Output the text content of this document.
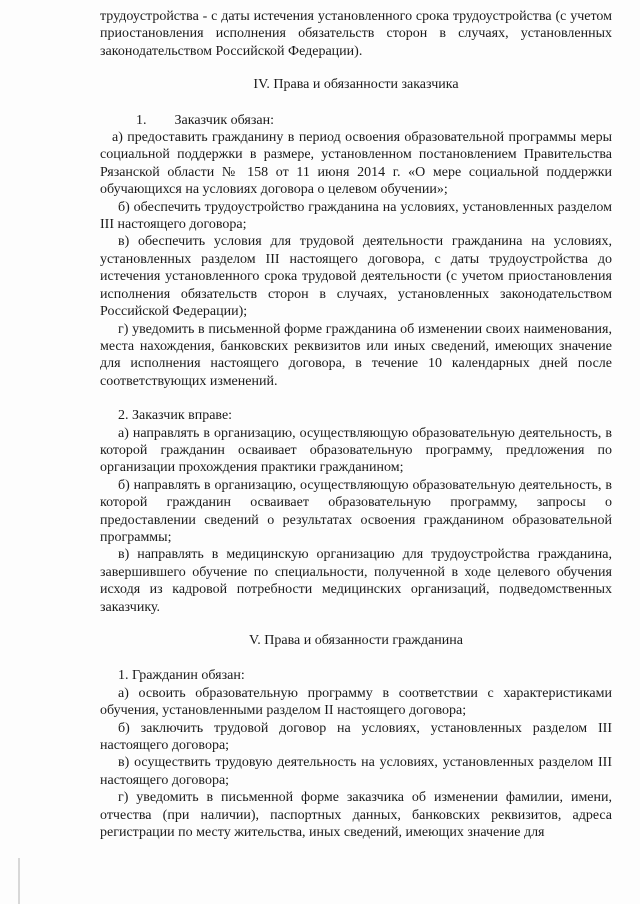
трудоустройства - с даты истечения установленного срока трудоустройства (с учетом приостановления исполнения обязательств сторон в случаях, установленных законодательством Российской Федерации).

IV. Права и обязанности заказчика

1.        Заказчик обязан:

а) предоставить гражданину в период освоения образовательной программы меры социальной поддержки в размере, установленном постановлением Правительства Рязанской области № 158 от 11 июня 2014 г. «О мере социальной поддержки обучающихся на условиях договора о целевом обучении»;

б) обеспечить трудоустройство гражданина на условиях, установленных разделом III настоящего договора;

в) обеспечить условия для трудовой деятельности гражданина на условиях, установленных разделом III настоящего договора, с даты трудоустройства до истечения установленного срока трудовой деятельности (с учетом приостановления исполнения обязательств сторон в случаях, установленных законодательством Российской Федерации);

г) уведомить в письменной форме гражданина об изменении своих наименования, места нахождения, банковских реквизитов или иных сведений, имеющих значение для исполнения настоящего договора, в течение 10 календарных дней после соответствующих изменений.

2. Заказчик вправе:

а) направлять в организацию, осуществляющую образовательную деятельность, в которой гражданин осваивает образовательную программу, предложения по организации прохождения практики гражданином;

б) направлять в организацию, осуществляющую образовательную деятельность, в которой гражданин осваивает образовательную программу, запросы о предоставлении сведений о результатах освоения гражданином образовательной программы;

в) направлять в медицинскую организацию для трудоустройства гражданина, завершившего обучение по специальности, полученной в ходе целевого обучения исходя из кадровой потребности медицинских организаций, подведомственных заказчику.

V. Права и обязанности гражданина

1. Гражданин обязан:

а) освоить образовательную программу в соответствии с характеристиками обучения, установленными разделом II настоящего договора;

б) заключить трудовой договор на условиях, установленных разделом III настоящего договора;

в) осуществить трудовую деятельность на условиях, установленных разделом III настоящего договора;

г) уведомить в письменной форме заказчика об изменении фамилии, имени, отчества (при наличии), паспортных данных, банковских реквизитов, адреса регистрации по месту жительства, иных сведений, имеющих значение для
